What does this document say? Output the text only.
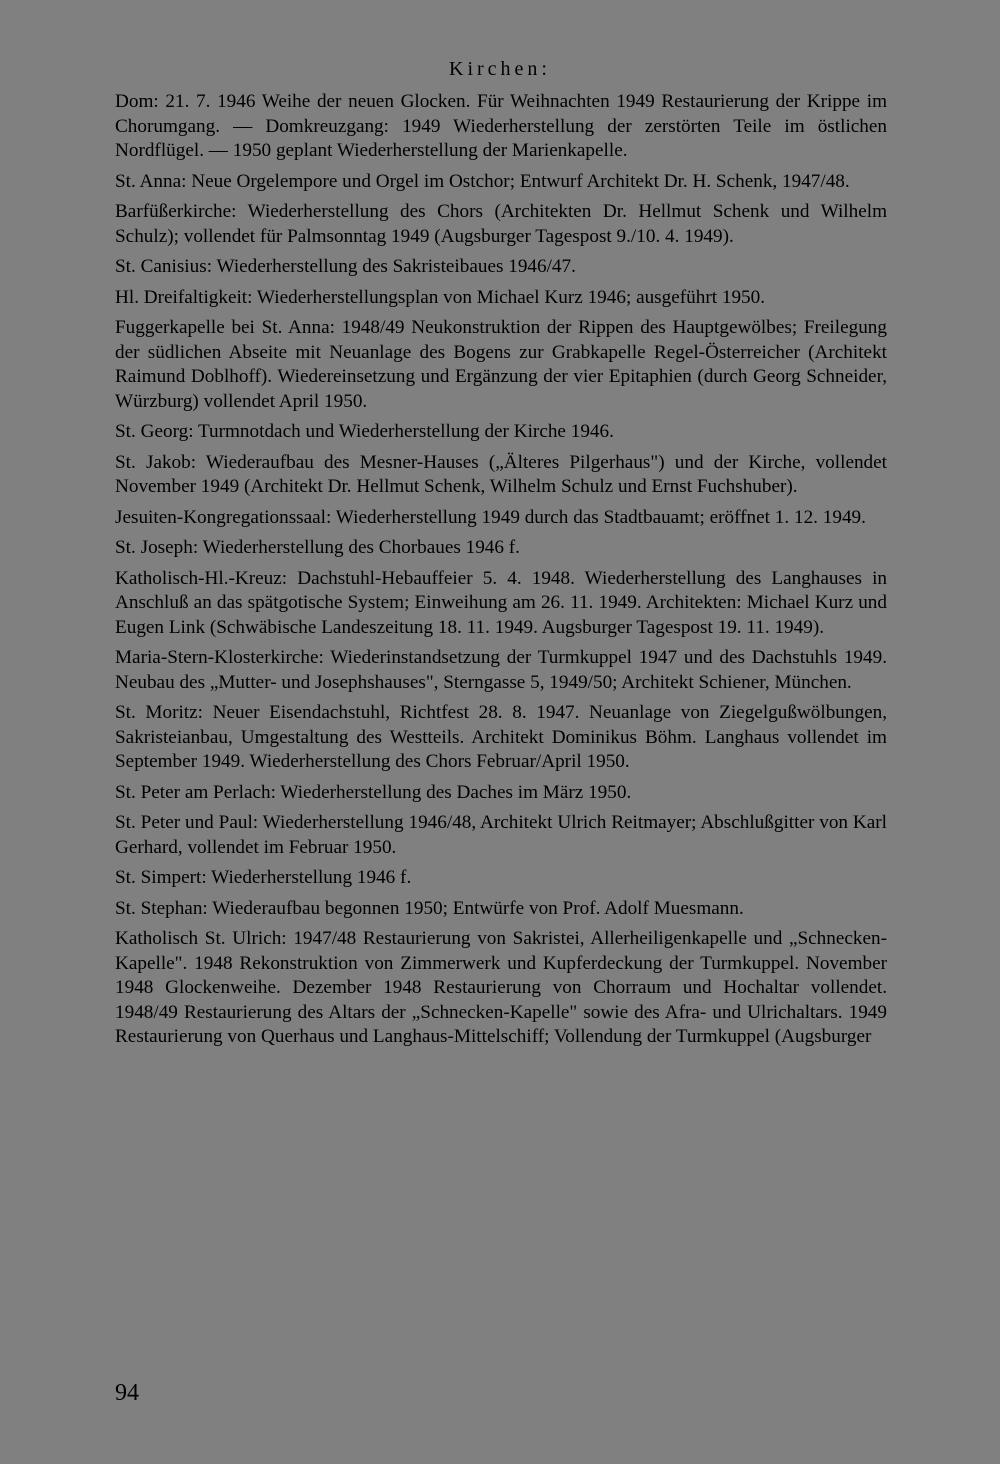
Kirchen:

Dom: 21. 7. 1946 Weihe der neuen Glocken. Für Weihnachten 1949 Restaurierung der Krippe im Chorumgang. — Domkreuzgang: 1949 Wiederherstellung der zerstörten Teile im östlichen Nordflügel. — 1950 geplant Wiederherstellung der Marienkapelle.

St. Anna: Neue Orgelempore und Orgel im Ostchor; Entwurf Architekt Dr. H. Schenk, 1947/48.

Barfüßerkirche: Wiederherstellung des Chors (Architekten Dr. Hellmut Schenk und Wilhelm Schulz); vollendet für Palmsonntag 1949 (Augsburger Tagespost 9./10. 4. 1949).

St. Canisius: Wiederherstellung des Sakristeibaues 1946/47.

Hl. Dreifaltigkeit: Wiederherstellungsplan von Michael Kurz 1946; ausgeführt 1950.

Fuggerkapelle bei St. Anna: 1948/49 Neukonstruktion der Rippen des Hauptgewölbes; Freilegung der südlichen Abseite mit Neuanlage des Bogens zur Grabkapelle Regel-Österreicher (Architekt Raimund Doblhoff). Wiedereinsetzung und Ergänzung der vier Epitaphien (durch Georg Schneider, Würzburg) vollendet April 1950.

St. Georg: Turmnotdach und Wiederherstellung der Kirche 1946.

St. Jakob: Wiederaufbau des Mesner-Hauses („Älteres Pilgerhaus") und der Kirche, vollendet November 1949 (Architekt Dr. Hellmut Schenk, Wilhelm Schulz und Ernst Fuchshuber).

Jesuiten-Kongregationssaal: Wiederherstellung 1949 durch das Stadtbauamt; eröffnet 1. 12. 1949.

St. Joseph: Wiederherstellung des Chorbaues 1946 f.

Katholisch-Hl.-Kreuz: Dachstuhl-Hebauffeier 5. 4. 1948. Wiederherstellung des Langhauses in Anschluß an das spätgotische System; Einweihung am 26. 11. 1949. Architekten: Michael Kurz und Eugen Link (Schwäbische Landeszeitung 18. 11. 1949. Augsburger Tagespost 19. 11. 1949).

Maria-Stern-Klosterkirche: Wiederinstandsetzung der Turmkuppel 1947 und des Dachstuhls 1949. Neubau des „Mutter- und Josephshauses", Sterngasse 5, 1949/50; Architekt Schiener, München.

St. Moritz: Neuer Eisendachstuhl, Richtfest 28. 8. 1947. Neuanlage von Ziegelgußwölbungen, Sakristeianbau, Umgestaltung des Westteils. Architekt Dominikus Böhm. Langhaus vollendet im September 1949. Wiederherstellung des Chors Februar/April 1950.

St. Peter am Perlach: Wiederherstellung des Daches im März 1950.

St. Peter und Paul: Wiederherstellung 1946/48, Architekt Ulrich Reitmayer; Abschlußgitter von Karl Gerhard, vollendet im Februar 1950.

St. Simpert: Wiederherstellung 1946 f.

St. Stephan: Wiederaufbau begonnen 1950; Entwürfe von Prof. Adolf Muesmann.

Katholisch St. Ulrich: 1947/48 Restaurierung von Sakristei, Allerheiligenkapelle und „Schnecken-Kapelle". 1948 Rekonstruktion von Zimmerwerk und Kupferdeckung der Turmkuppel. November 1948 Glockenweihe. Dezember 1948 Restaurierung von Chorraum und Hochaltar vollendet. 1948/49 Restaurierung des Altars der „Schnecken-Kapelle" sowie des Afra- und Ulrichaltars. 1949 Restaurierung von Querhaus und Langhaus-Mittelschiff; Vollendung der Turmkuppel (Augsburger

94
